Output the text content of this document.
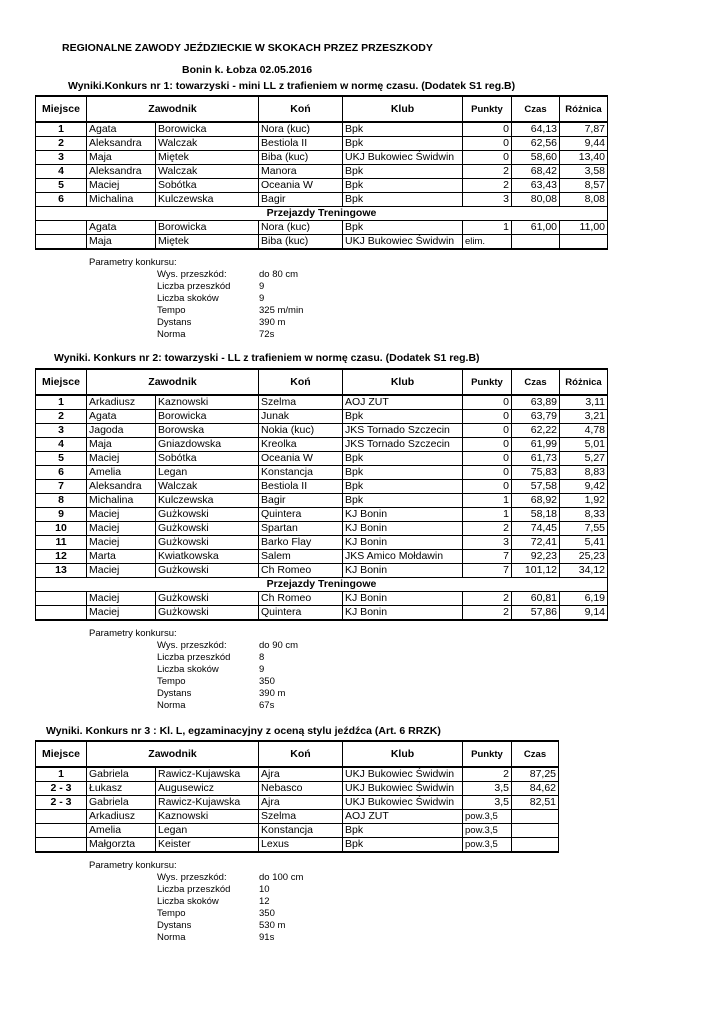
REGIONALNE ZAWODY JEŹDZIECKIE W SKOKACH PRZEZ PRZESZKODY
Bonin k. Łobza 02.05.2016
Wyniki.Konkurs nr 1: towarzyski - mini LL z trafieniem w normę czasu. (Dodatek S1 reg.B)
Miejsce	Zawodnik		Koń	Klub	Punkty	Czas	Różnica
1	Agata	Borowicka	Nora (kuc)	Bpk	0	64,13	7,87
2	Aleksandra	Walczak	Bestiola II	Bpk	0	62,56	9,44
3	Maja	Miętek	Biba (kuc)	UKJ Bukowiec Świdwin	0	58,60	13,40
4	Aleksandra	Walczak	Manora	Bpk	2	68,42	3,58
5	Maciej	Sobótka	Oceania W	Bpk	2	63,43	8,57
6	Michalina	Kulczewska	Bagir	Bpk	3	80,08	8,08
Przejazdy Treningowe							
	Agata	Borowicka	Nora (kuc)	Bpk	1	61,00	11,00
	Maja	Miętek	Biba (kuc)	UKJ Bukowiec Świdwin	elim.		
Parametry konkursu:
Wys. przeszkód:	do 80 cm
Liczba przeszkód	9
Liczba skoków	9
Tempo	325 m/min
Dystans	390 m
Norma	72s
Wyniki. Konkurs nr 2: towarzyski - LL z trafieniem w normę czasu. (Dodatek S1 reg.B)
Miejsce	Zawodnik		Koń	Klub	Punkty	Czas	Różnica
1	Arkadiusz	Kaznowski	Szelma	AOJ ZUT	0	63,89	3,11
2	Agata	Borowicka	Junak	Bpk	0	63,79	3,21
3	Jagoda	Borowska	Nokia (kuc)	JKS Tornado Szczecin	0	62,22	4,78
4	Maja	Gniazdowska	Kreolka	JKS Tornado Szczecin	0	61,99	5,01
5	Maciej	Sobótka	Oceania W	Bpk	0	61,73	5,27
6	Amelia	Legan	Konstancja	Bpk	0	75,83	8,83
7	Aleksandra	Walczak	Bestiola II	Bpk	0	57,58	9,42
8	Michalina	Kulczewska	Bagir	Bpk	1	68,92	1,92
9	Maciej	Gużkowski	Quintera	KJ Bonin	1	58,18	8,33
10	Maciej	Gużkowski	Spartan	KJ Bonin	2	74,45	7,55
11	Maciej	Gużkowski	Barko Flay	KJ Bonin	3	72,41	5,41
12	Marta	Kwiatkowska	Salem	JKS Amico Mołdawin	7	92,23	25,23
13	Maciej	Gużkowski	Ch Romeo	KJ Bonin	7	101,12	34,12
Przejazdy Treningowe							
	Maciej	Gużkowski	Ch Romeo	KJ Bonin	2	60,81	6,19
	Maciej	Gużkowski	Quintera	KJ Bonin	2	57,86	9,14
Parametry konkursu:
Wys. przeszkód:	do 90 cm
Liczba przeszkód	8
Liczba skoków	9
Tempo	350
Dystans	390 m
Norma	67s
Wyniki. Konkurs nr 3 : Kl. L, egzaminacyjny z oceną stylu jeźdźca (Art. 6 RRZK)
Miejsce	Zawodnik		Koń	Klub	Punkty	Czas
1	Gabriela	Rawicz-Kujawska	Ajra	UKJ Bukowiec Świdwin	2	87,25
2 - 3	Łukasz	Augusewicz	Nebasco	UKJ Bukowiec Świdwin	3,5	84,62
2 - 3	Gabriela	Rawicz-Kujawska	Ajra	UKJ Bukowiec Świdwin	3,5	82,51
	Arkadiusz	Kaznowski	Szelma	AOJ ZUT	pow.3,5	
	Amelia	Legan	Konstancja	Bpk	pow.3,5	
	Małgorzta	Keister	Lexus	Bpk	pow.3,5	
Parametry konkursu:
Wys. przeszkód:	do 100 cm
Liczba przeszkód	10
Liczba skoków	12
Tempo	350
Dystans	530 m
Norma	91s
